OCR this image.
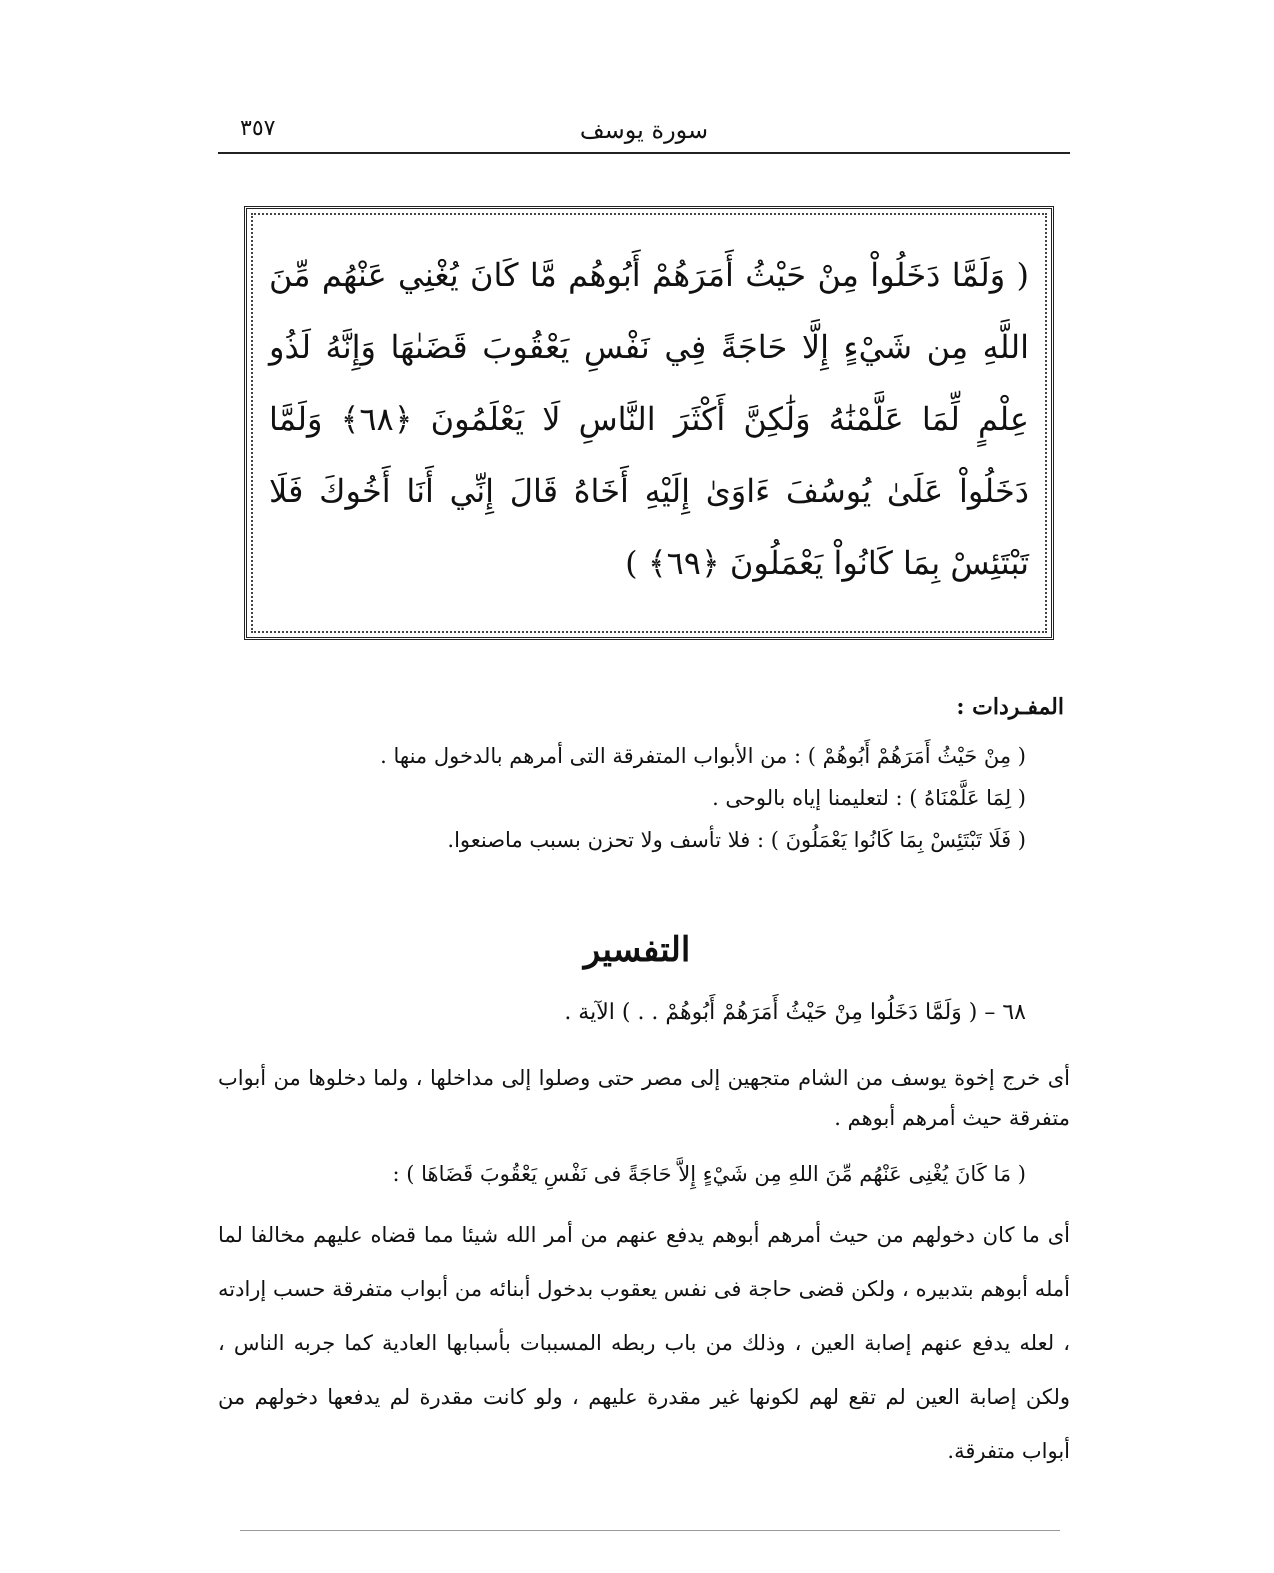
سورة يوسف
٣٥٧
( وَلَمَّا دَخَلُواْ مِنْ حَيْثُ أَمَرَهُمْ أَبُوهُم مَّا كَانَ يُغْنِي عَنْهُم مِّنَ اللَّهِ مِن شَيْءٍ إِلَّا حَاجَةً فِي نَفْسِ يَعْقُوبَ قَضَىٰهَا وَإِنَّهُ لَذُو عِلْمٍ لِّمَا عَلَّمْنَٰهُ وَلَٰكِنَّ أَكْثَرَ النَّاسِ لَا يَعْلَمُونَ ﴿٦٨﴾ وَلَمَّا دَخَلُواْ عَلَىٰ يُوسُفَ ءَاوَىٰ إِلَيْهِ أَخَاهُ قَالَ إِنِّي أَنَا أَخُوكَ فَلَا تَبْتَئِسْ بِمَا كَانُواْ يَعْمَلُونَ ﴿٦٩﴾ )
المفـردات :
( مِنْ حَيْثُ أَمَرَهُمْ أَبُوهُمْ ) : من الأبواب المتفرقة التى أمرهم بالدخول منها .
( لِمَا عَلَّمْنَاهُ ) : لتعليمنا إياه بالوحى .
( فَلَا تَبْتَئِسْ بِمَا كَانُوا يَعْمَلُونَ ) : فلا تأسف ولا تحزن بسبب ماصنعوا.
التفسير
٦٨ – ( وَلَمَّا دَخَلُوا مِنْ حَيْثُ أَمَرَهُمْ أَبُوهُمْ . . ) الآية .
أى خرج إخوة يوسف من الشام متجهين إلى مصر حتى وصلوا إلى مداخلها ، ولما دخلوها من أبواب متفرقة حيث أمرهم أبوهم .
( مَا كَانَ يُغْنِى عَنْهُم مِّنَ اللهِ مِن شَيْءٍ إِلاَّ حَاجَةً فى نَفْسِ يَعْقُوبَ قَضَاهَا ) :
أى ما كان دخولهم من حيث أمرهم أبوهم يدفع عنهم من أمر الله شيئا مما قضاه عليهم مخالفا لما أمله أبوهم بتدبيره ، ولكن قضى حاجة فى نفس يعقوب بدخول أبنائه من أبواب متفرقة حسب إرادته ، لعله يدفع عنهم إصابة العين ، وذلك من باب ربطه المسببات بأسبابها العادية كما جربه الناس ، ولكن إصابة العين لم تقع لهم لكونها غير مقدرة عليهم ، ولو كانت مقدرة لم يدفعها دخولهم من أبواب متفرقة.
